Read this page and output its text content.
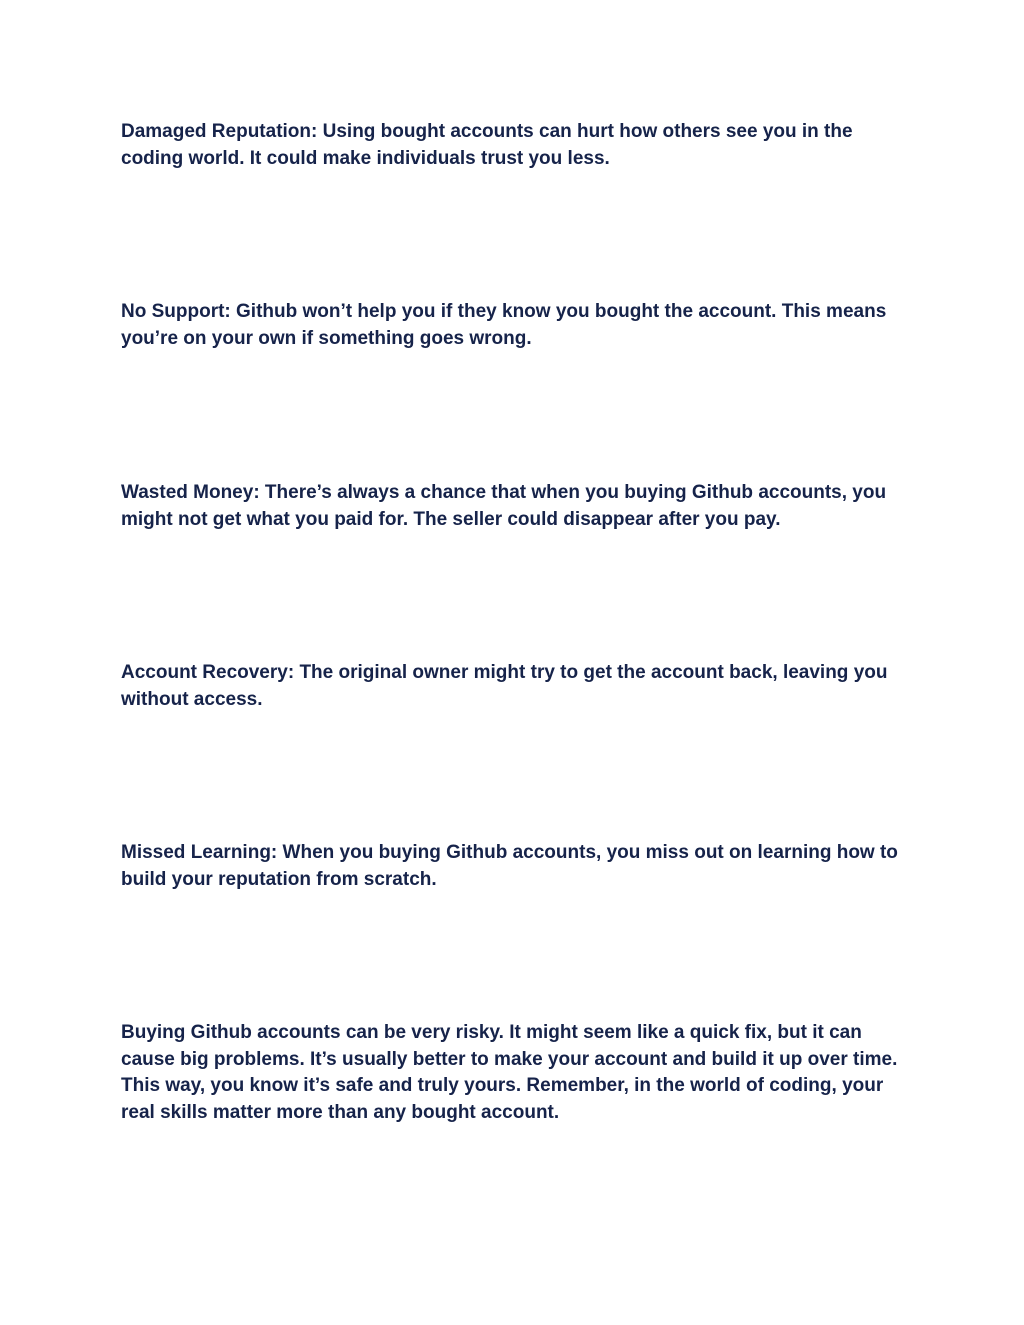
Damaged Reputation: Using bought accounts can hurt how others see you in the coding world. It could make individuals trust you less.

No Support: Github won’t help you if they know you bought the account. This means you’re on your own if something goes wrong.

Wasted Money: There’s always a chance that when you buying Github accounts, you might not get what you paid for. The seller could disappear after you pay.

Account Recovery: The original owner might try to get the account back, leaving you without access.

Missed Learning: When you buying Github accounts, you miss out on learning how to build your reputation from scratch.

Buying Github accounts can be very risky. It might seem like a quick fix, but it can cause big problems. It’s usually better to make your account and build it up over time. This way, you know it’s safe and truly yours. Remember, in the world of coding, your real skills matter more than any bought account.
